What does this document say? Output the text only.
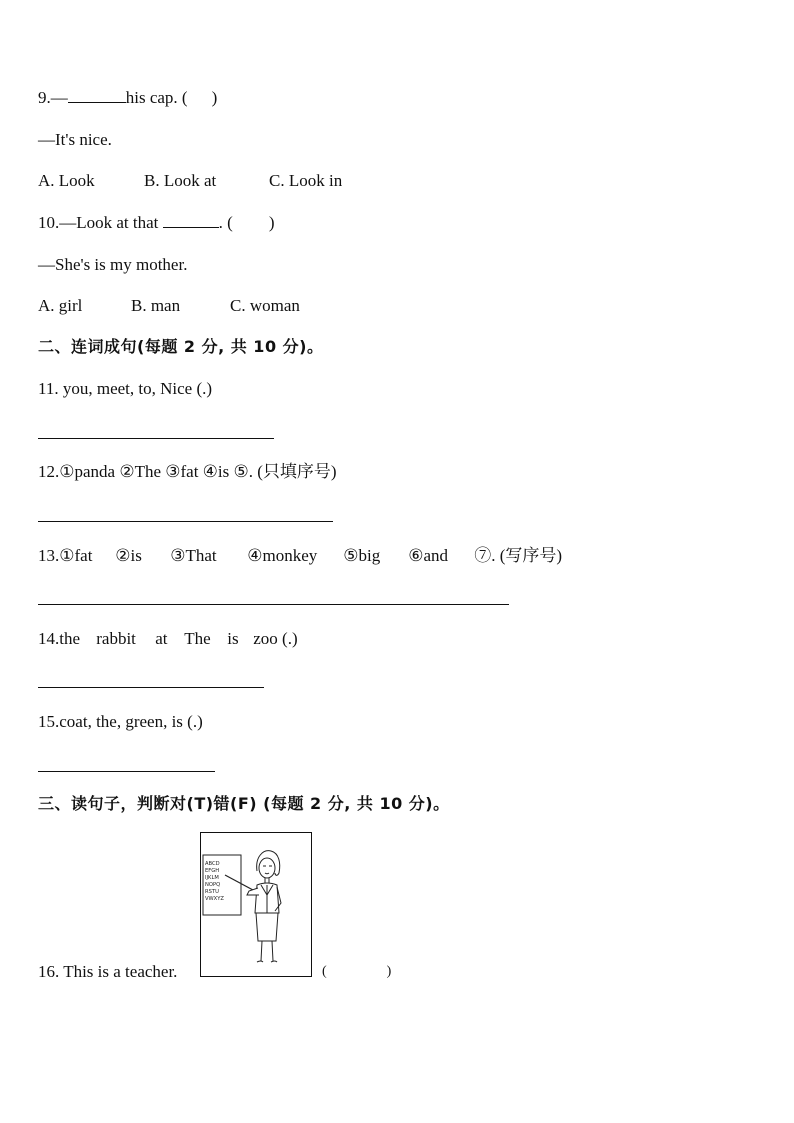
9.—	his cap. ( )
—It's nice.
A. Look	B. Look at	C. Look in
10.—Look at that	. ( )
—She's is my mother.
A. girl	B. man	C. woman
二、连词成句(每题 2 分, 共 10 分)。
11. you, meet, to, Nice (.)
12.①panda ②The ③fat ④is ⑤. (只填序号)
13.①fat ②is ③That ④monkey ⑤big ⑥and ⑦. (写序号)
14.the rabbit at The is zoo (.)
15.coat, the, green, is (.)
三、读句子，判断对(T)错(F) (每题 2 分, 共 10 分)。
16. This is a teacher.
ABCD
EFGH
IJKLM
NOPQ
RSTU
VWXYZ
(	)
